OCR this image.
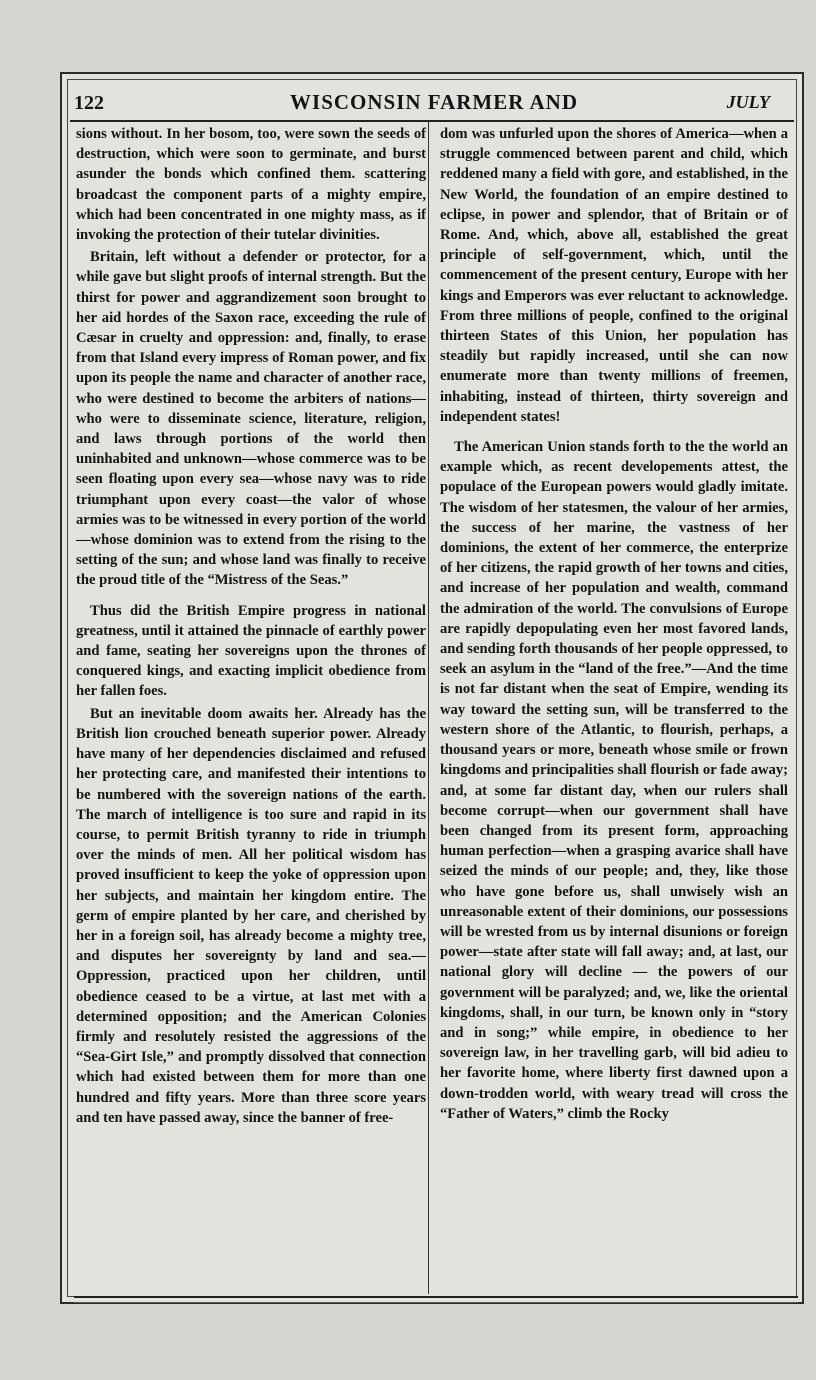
122	WISCONSIN FARMER AND	JULY

sions without. In her bosom, too, were sown the seeds of destruction, which were soon to germinate, and burst asunder the bonds which confined them. scattering broadcast the component parts of a mighty empire, which had been concentrated in one mighty mass, as if invoking the protection of their tutelar divinities.

Britain, left without a defender or protector, for a while gave but slight proofs of internal strength. But the thirst for power and aggrandizement soon brought to her aid hordes of the Saxon race, exceeding the rule of Cæsar in cruelty and oppression: and, finally, to erase from that Island every impress of Roman power, and fix upon its people the name and character of another race, who were destined to become the arbiters of nations—who were to disseminate science, literature, religion, and laws through portions of the world then uninhabited and unknown—whose commerce was to be seen floating upon every sea—whose navy was to ride triumphant upon every coast—the valor of whose armies was to be witnessed in every portion of the world—whose dominion was to extend from the rising to the setting of the sun; and whose land was finally to receive the proud title of the “Mistress of the Seas.”

Thus did the British Empire progress in national greatness, until it attained the pinnacle of earthly power and fame, seating her sovereigns upon the thrones of conquered kings, and exacting implicit obedience from her fallen foes.

But an inevitable doom awaits her. Already has the British lion crouched beneath superior power. Already have many of her dependencies disclaimed and refused her protecting care, and manifested their intentions to be numbered with the sovereign nations of the earth. The march of intelligence is too sure and rapid in its course, to permit British tyranny to ride in triumph over the minds of men. All her political wisdom has proved insufficient to keep the yoke of oppression upon her subjects, and maintain her kingdom entire. The germ of empire planted by her care, and cherished by her in a foreign soil, has already become a mighty tree, and disputes her sovereignty by land and sea.—Oppression, practiced upon her children, until obedience ceased to be a virtue, at last met with a determined opposition; and the American Colonies firmly and resolutely resisted the aggressions of the “Sea-Girt Isle,” and promptly dissolved that connection which had existed between them for more than one hundred and fifty years. More than three score years and ten have passed away, since the banner of free-

dom was unfurled upon the shores of America—when a struggle commenced between parent and child, which reddened many a field with gore, and established, in the New World, the foundation of an empire destined to eclipse, in power and splendor, that of Britain or of Rome. And, which, above all, established the great principle of self-government, which, until the commencement of the present century, Europe with her kings and Emperors was ever reluctant to acknowledge. From three millions of people, confined to the original thirteen States of this Union, her population has steadily but rapidly increased, until she can now enumerate more than twenty millions of freemen, inhabiting, instead of thirteen, thirty sovereign and independent states!

The American Union stands forth to the the world an example which, as recent developements attest, the populace of the European powers would gladly imitate. The wisdom of her statesmen, the valour of her armies, the success of her marine, the vastness of her dominions, the extent of her commerce, the enterprize of her citizens, the rapid growth of her towns and cities, and increase of her population and wealth, command the admiration of the world. The convulsions of Europe are rapidly depopulating even her most favored lands, and sending forth thousands of her people oppressed, to seek an asylum in the “land of the free.”—And the time is not far distant when the seat of Empire, wending its way toward the setting sun, will be transferred to the western shore of the Atlantic, to flourish, perhaps, a thousand years or more, beneath whose smile or frown kingdoms and principalities shall flourish or fade away; and, at some far distant day, when our rulers shall become corrupt—when our government shall have been changed from its present form, approaching human perfection—when a grasping avarice shall have seized the minds of our people; and, they, like those who have gone before us, shall unwisely wish an unreasonable extent of their dominions, our possessions will be wrested from us by internal disunions or foreign power—state after state will fall away; and, at last, our national glory will decline — the powers of our government will be paralyzed; and, we, like the oriental kingdoms, shall, in our turn, be known only in “story and in song;” while empire, in obedience to her sovereign law, in her travelling garb, will bid adieu to her favorite home, where liberty first dawned upon a down-trodden world, with weary tread will cross the “Father of Waters,” climb the Rocky
